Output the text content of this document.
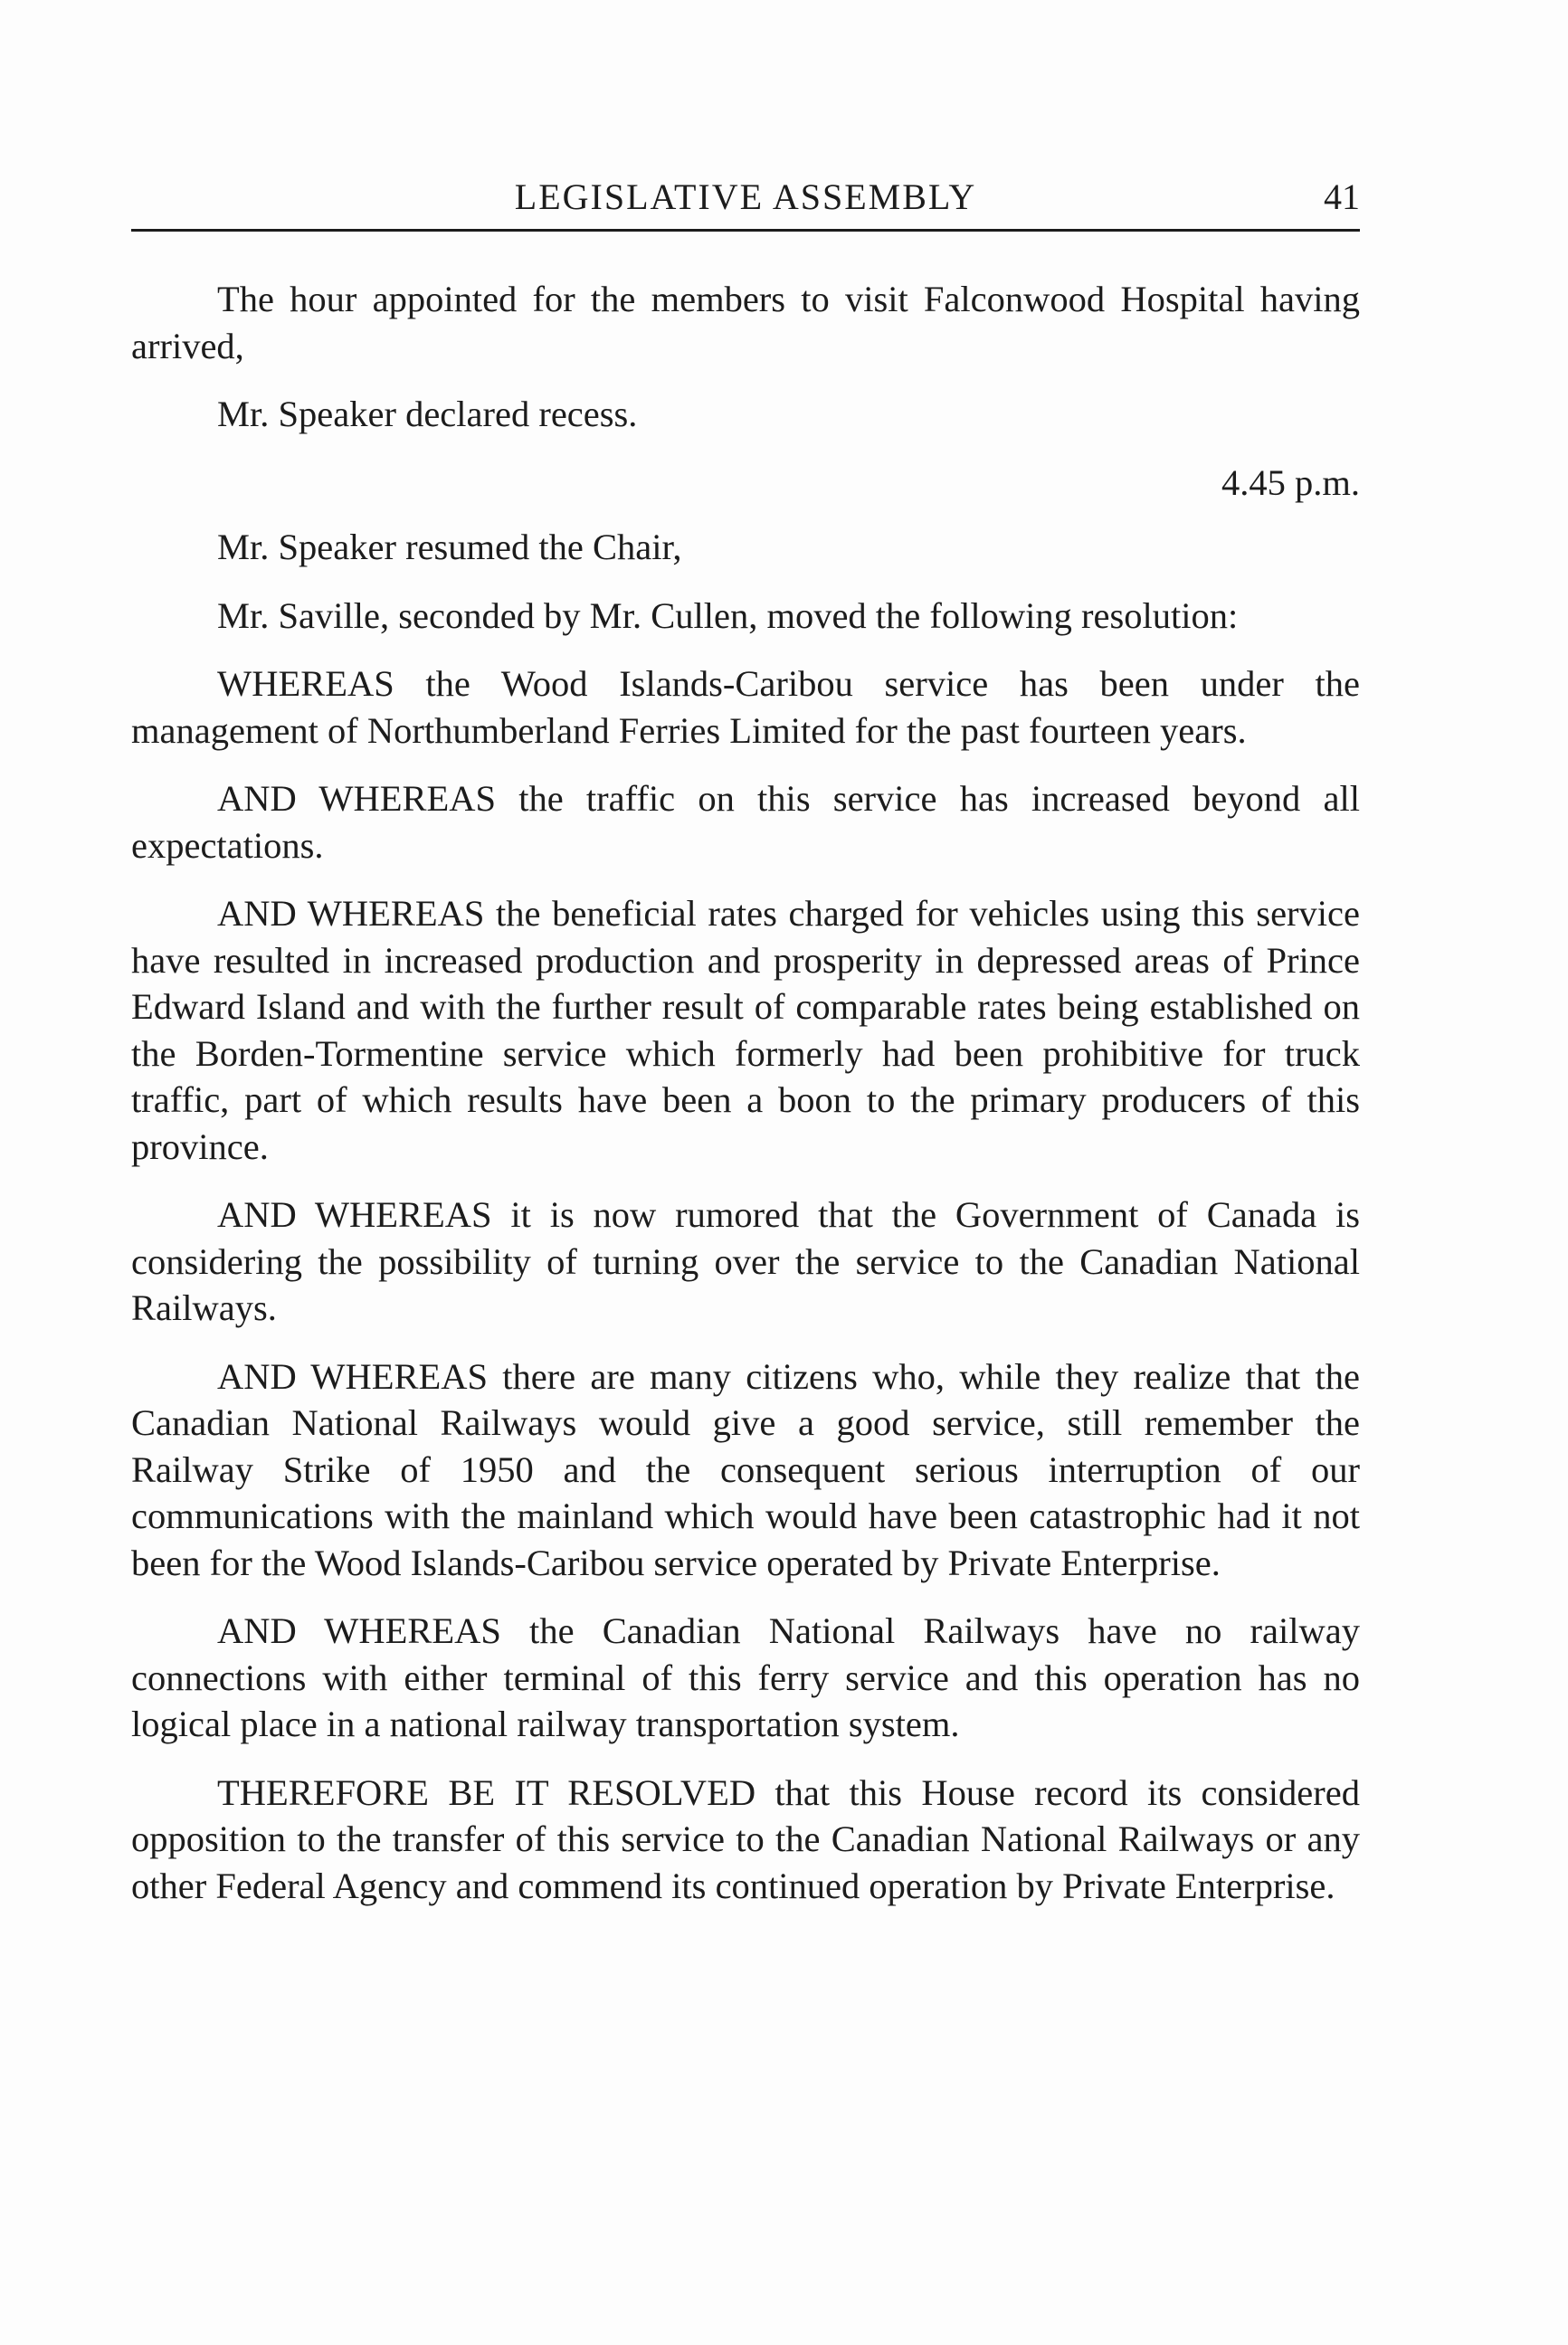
LEGISLATIVE ASSEMBLY	41

The hour appointed for the members to visit Falconwood Hospital having arrived,

Mr. Speaker declared recess.

4.45 p.m.

Mr. Speaker resumed the Chair,

Mr. Saville, seconded by Mr. Cullen, moved the following resolution:

WHEREAS the Wood Islands-Caribou service has been under the management of Northumberland Ferries Limited for the past fourteen years.

AND WHEREAS the traffic on this service has increased beyond all expectations.

AND WHEREAS the beneficial rates charged for vehicles using this service have resulted in increased production and prosperity in depressed areas of Prince Edward Island and with the further result of comparable rates being established on the Borden-Tormentine service which formerly had been prohibitive for truck traffic, part of which results have been a boon to the primary producers of this province.

AND WHEREAS it is now rumored that the Government of Canada is considering the possibility of turning over the service to the Canadian National Railways.

AND WHEREAS there are many citizens who, while they realize that the Canadian National Railways would give a good service, still remember the Railway Strike of 1950 and the consequent serious interruption of our communications with the mainland which would have been catastrophic had it not been for the Wood Islands-Caribou service operated by Private Enterprise.

AND WHEREAS the Canadian National Railways have no railway connections with either terminal of this ferry service and this operation has no logical place in a national railway transportation system.

THEREFORE BE IT RESOLVED that this House record its considered opposition to the transfer of this service to the Canadian National Railways or any other Federal Agency and commend its continued operation by Private Enterprise.
